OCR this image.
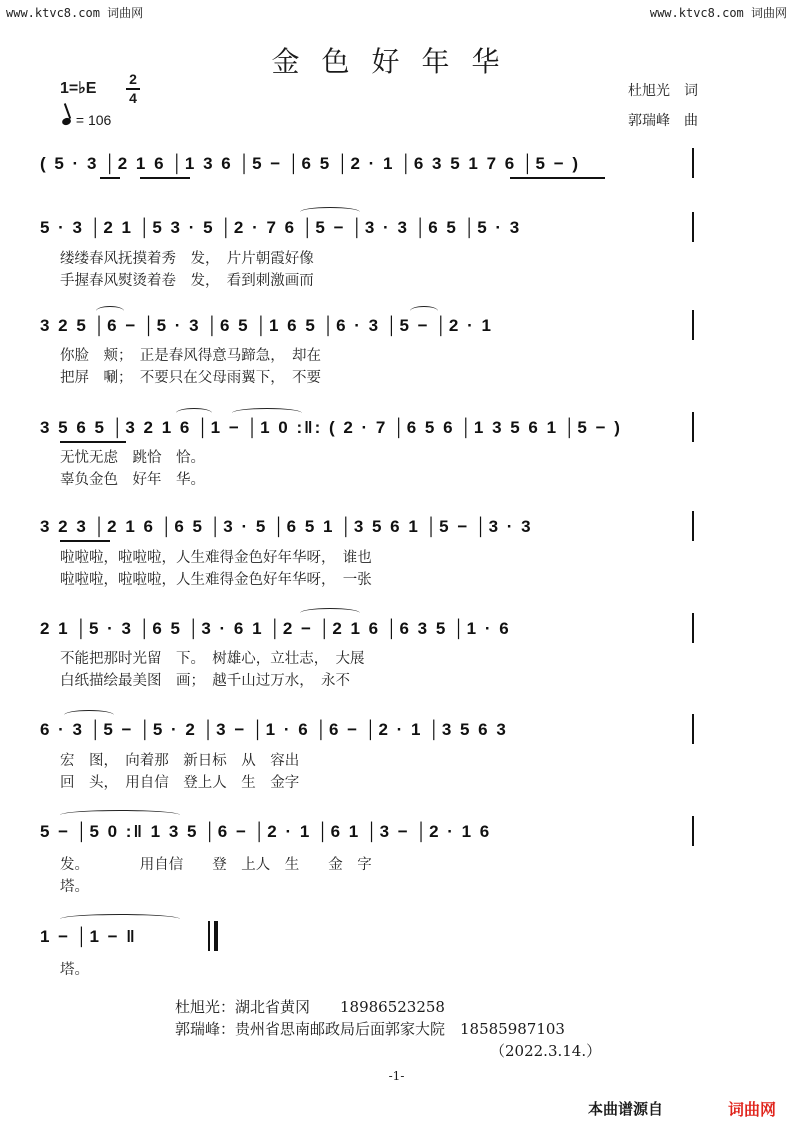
www.ktvc8.com 词曲网	www.ktvc8.com 词曲网
金色好年华
1=♭E
2
4
= 106
杜旭光　词
郭瑞峰　曲
( 5 · 3 │2 1 6 │1 3 6 │5 − │6 5 │2 · 1 │6 3 5 1 7 6 │5 − )
5 · 3 │2 1 │5 3 · 5 │2 · 7 6 │5 − │3 · 3 │6 5 │5 · 3
3 2 5 │6 − │5 · 3 │6 5 │1 6 5 │6 · 3 │5 − │2 · 1
3 5 6 5 │3 2 1 6 │1 − │1 0 :‖: ( 2 · 7 │6 5 6 │1 3 5 6 1 │5 − )
3 2 3 │2 1 6 │6 5 │3 · 5 │6 5 1 │3 5 6 1 │5 − │3 · 3
2 1 │5 · 3 │6 5 │3 · 6 1 │2 − │2 1 6 │6 3 5 │1 · 6
6 · 3 │5 − │5 · 2 │3 − │1 · 6 │6 − │2 · 1 │3 5 6 3
5 − │5 0 :‖ 1 3 5 │6 − │2 · 1 │6 1 │3 − │2 · 1 6
1 − │1 − ‖
缕缕春风抚摸着秀　发，　片片朝霞好像
手握春风熨烫着卷　发，　看到刺激画而
你脸　颊；　正是春风得意马蹄急，　却在
把屏　唰；　不要只在父母雨翼下，　不要
无忧无虑　跳恰　恰。
辜负金色　好年　华。
啦啦啦，啦啦啦，人生难得金色好年华呀，　谁也
啦啦啦，啦啦啦，人生难得金色好年华呀，　一张
不能把那时光留　下。　树雄心，立壮志，　大展
白纸描绘最美图　画；　越千山过万水，　永不
宏　图，　向着那　新日标　从　容出
回　头，　用自信　登上人　生　金字
发。　　　　用自信　　登　上人　生　　金　字
塔。
塔。
杜旭光：湖北省黄冈　　18986523258
郭瑞峰：贵州省思南邮政局后面郭家大院　18585987103
（2022.3.14.）
-1-
本曲谱源自	词曲网
